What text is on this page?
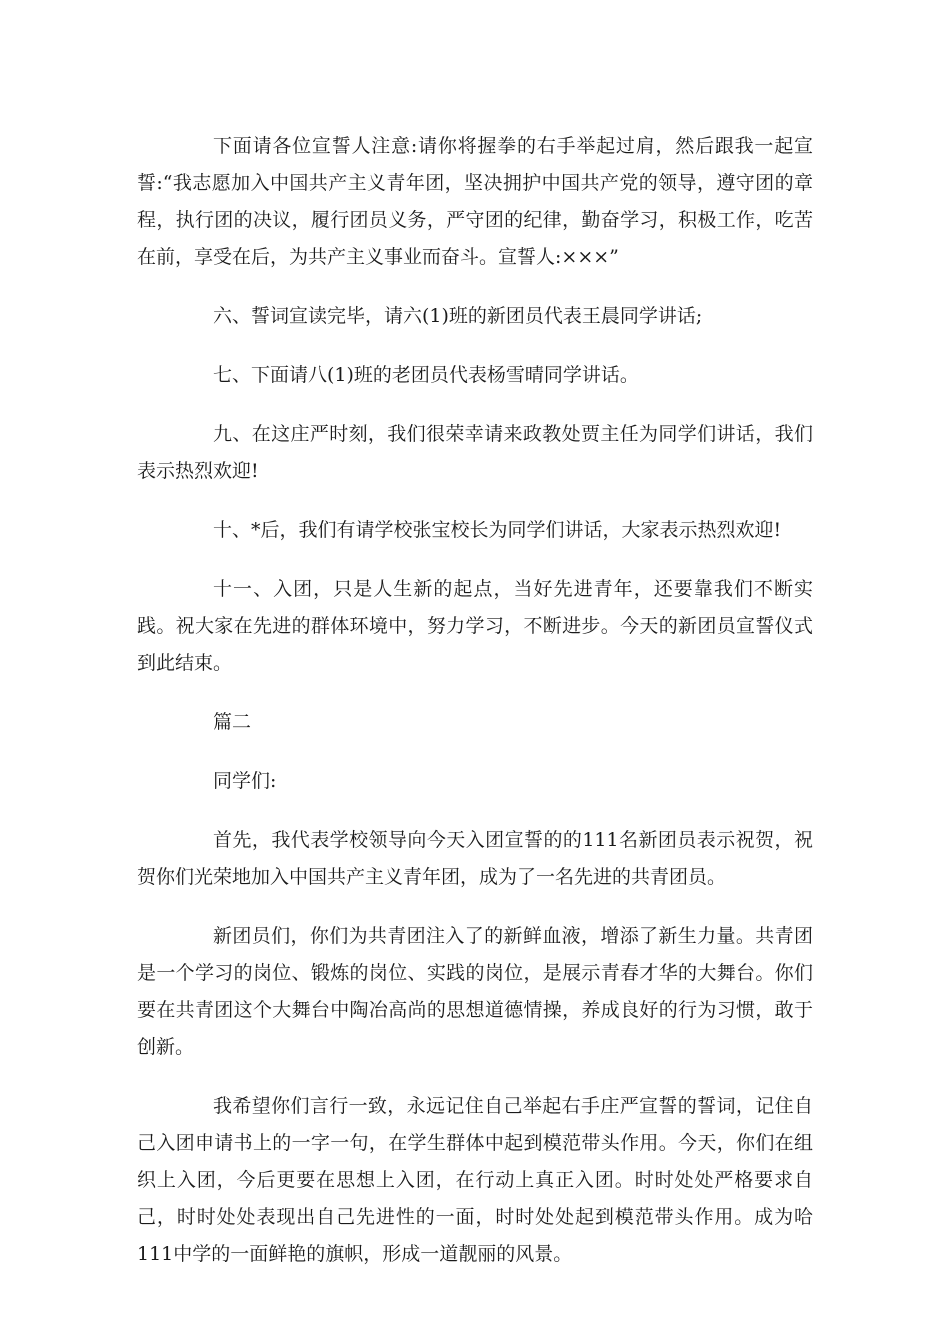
下面请各位宣誓人注意:请你将握拳的右手举起过肩，然后跟我一起宣誓:“我志愿加入中国共产主义青年团，坚决拥护中国共产党的领导，遵守团的章程，执行团的决议，履行团员义务，严守团的纪律，勤奋学习，积极工作，吃苦在前，享受在后，为共产主义事业而奋斗。宣誓人:×××”

六、誓词宣读完毕，请六(1)班的新团员代表王晨同学讲话;

七、下面请八(1)班的老团员代表杨雪晴同学讲话。

九、在这庄严时刻，我们很荣幸请来政教处贾主任为同学们讲话，我们表示热烈欢迎!

十、*后，我们有请学校张宝校长为同学们讲话，大家表示热烈欢迎!

十一、入团，只是人生新的起点，当好先进青年，还要靠我们不断实践。祝大家在先进的群体环境中，努力学习，不断进步。今天的新团员宣誓仪式到此结束。

篇二

同学们:

首先，我代表学校领导向今天入团宣誓的的111名新团员表示祝贺，祝贺你们光荣地加入中国共产主义青年团，成为了一名先进的共青团员。

新团员们，你们为共青团注入了的新鲜血液，增添了新生力量。共青团是一个学习的岗位、锻炼的岗位、实践的岗位，是展示青春才华的大舞台。你们要在共青团这个大舞台中陶冶高尚的思想道德情操，养成良好的行为习惯，敢于创新。

我希望你们言行一致，永远记住自己举起右手庄严宣誓的誓词，记住自己入团申请书上的一字一句，在学生群体中起到模范带头作用。今天，你们在组织上入团，今后更要在思想上入团，在行动上真正入团。时时处处严格要求自己，时时处处表现出自己先进性的一面，时时处处起到模范带头作用。成为哈111中学的一面鲜艳的旗帜，形成一道靓丽的风景。
